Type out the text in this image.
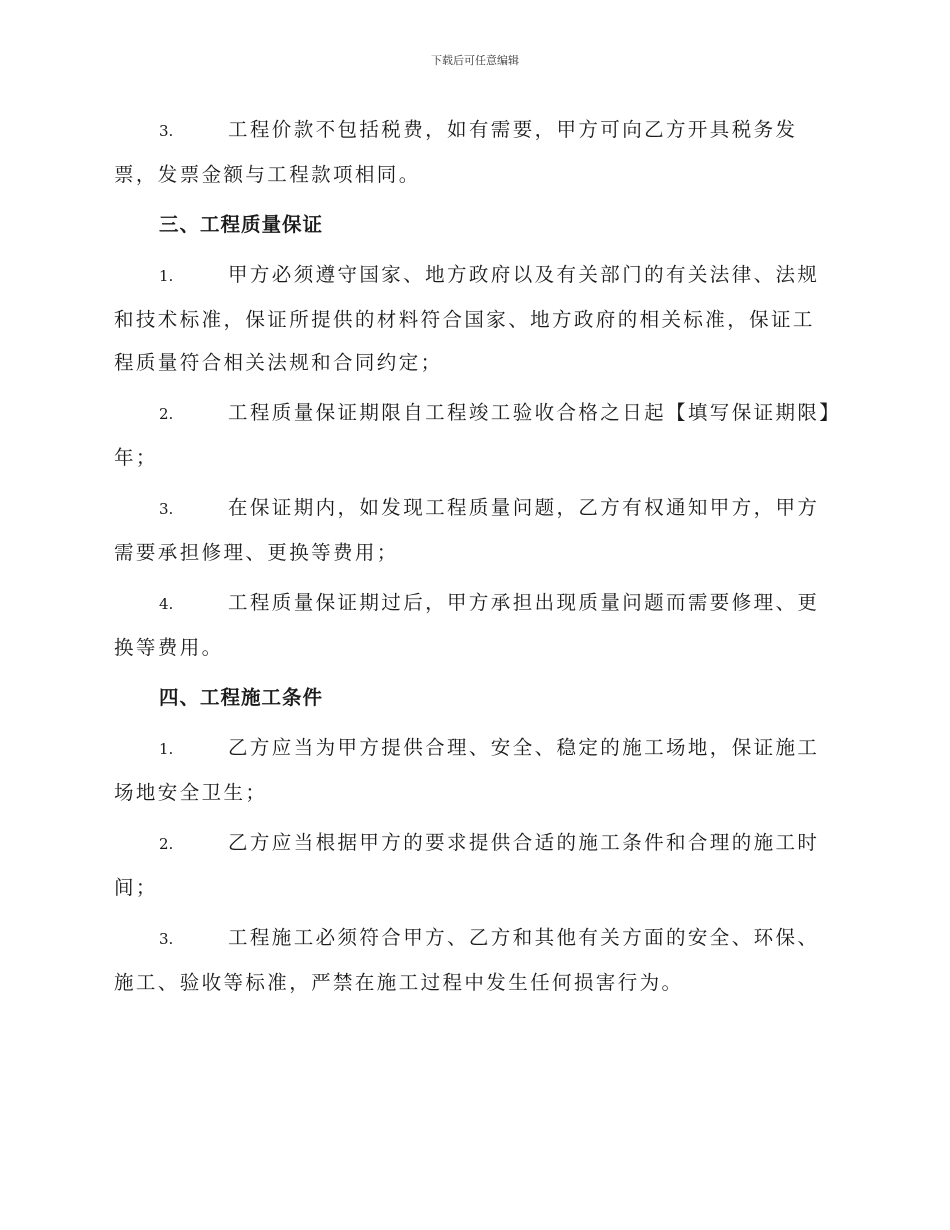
下载后可任意编辑
3.	工程价款不包括税费，如有需要，甲方可向乙方开具税务发票，发票金额与工程款项相同。
三、工程质量保证
1.	甲方必须遵守国家、地方政府以及有关部门的有关法律、法规和技术标准，保证所提供的材料符合国家、地方政府的相关标准，保证工程质量符合相关法规和合同约定；
2.	工程质量保证期限自工程竣工验收合格之日起【填写保证期限】年；
3.	在保证期内，如发现工程质量问题，乙方有权通知甲方，甲方需要承担修理、更换等费用；
4.	工程质量保证期过后，甲方承担出现质量问题而需要修理、更换等费用。
四、工程施工条件
1.	乙方应当为甲方提供合理、安全、稳定的施工场地，保证施工场地安全卫生；
2.	乙方应当根据甲方的要求提供合适的施工条件和合理的施工时间；
3.	工程施工必须符合甲方、乙方和其他有关方面的安全、环保、施工、验收等标准，严禁在施工过程中发生任何损害行为。
